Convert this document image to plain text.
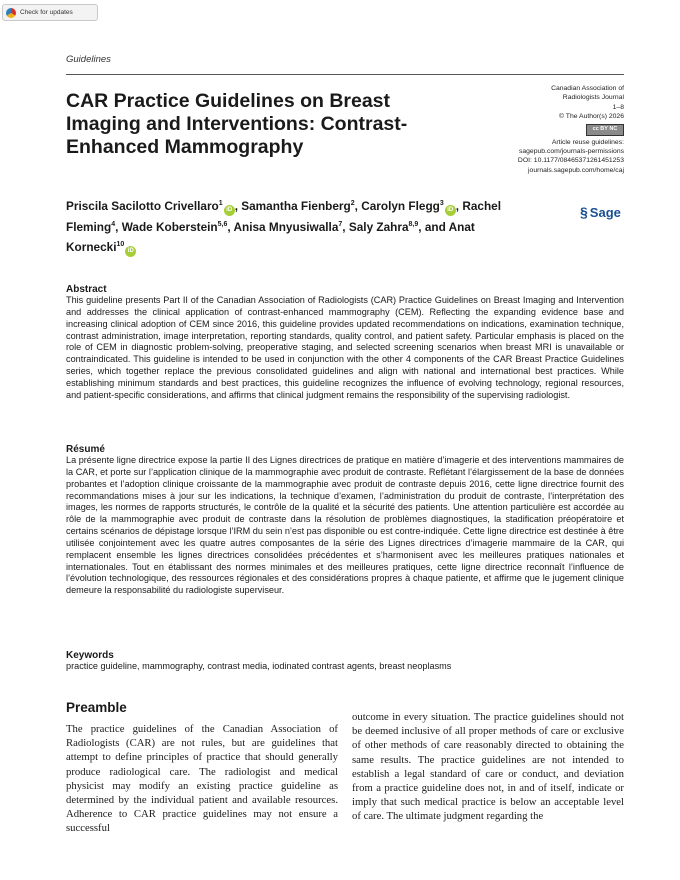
Check for updates
Guidelines
CAR Practice Guidelines on Breast Imaging and Interventions: Contrast-Enhanced Mammography
Canadian Association of
Radiologists Journal
1–8
© The Author(s) 2026
cc BY NC
Article reuse guidelines:
sagepub.com/journals-permissions
DOI: 10.1177/08465371261451253
journals.sagepub.com/home/caj
§ Sage
Priscila Sacilotto Crivellaro$^1$iD , Samantha Fienberg$^2$, Carolyn Flegg$^3$iD , Rachel Fleming$^4$, Wade Koberstein$^{5,6}$, Anisa Mnyusiwalla$^7$, Saly Zahra$^{8,9}$, and Anat Kornecki$^{10}$iD

Abstract

This guideline presents Part II of the Canadian Association of Radiologists (CAR) Practice Guidelines on Breast Imaging and Intervention and addresses the clinical application of contrast-enhanced mammography (CEM). Reflecting the expanding evidence base and increasing clinical adoption of CEM since 2016, this guideline provides updated recommendations on indications, examination technique, contrast administration, image interpretation, reporting standards, quality control, and patient safety. Particular emphasis is placed on the role of CEM in diagnostic problem-solving, preoperative staging, and selected screening scenarios when breast MRI is unavailable or contraindicated. This guideline is intended to be used in conjunction with the other 4 components of the CAR Breast Practice Guidelines series, which together replace the previous consolidated guidelines and align with national and international best practices. While establishing minimum standards and best practices, this guideline recognizes the influence of evolving technology, regional resources, and patient-specific considerations, and affirms that clinical judgment remains the responsibility of the supervising radiologist.

Résumé

La présente ligne directrice expose la partie II des Lignes directrices de pratique en matière d’imagerie et des interventions mammaires de la CAR, et porte sur l’application clinique de la mammographie avec produit de contraste. Reflétant l’élargissement de la base de données probantes et l’adoption clinique croissante de la mammographie avec produit de contraste depuis 2016, cette ligne directrice fournit des recommandations mises à jour sur les indications, la technique d’examen, l’administration du produit de contraste, l’interprétation des images, les normes de rapports structurés, le contrôle de la qualité et la sécurité des patients. Une attention particulière est accordée au rôle de la mammographie avec produit de contraste dans la résolution de problèmes diagnostiques, la stadification préopératoire et certains scénarios de dépistage lorsque l’IRM du sein n’est pas disponible ou est contre-indiquée. Cette ligne directrice est destinée à être utilisée conjointement avec les quatre autres composantes de la série des Lignes directrices d’imagerie mammaire de la CAR, qui remplacent ensemble les lignes directrices consolidées précédentes et s’harmonisent avec les meilleures pratiques nationales et internationales. Tout en établissant des normes minimales et des meilleures pratiques, cette ligne directrice reconnaît l’influence de l’évolution technologique, des ressources régionales et des considérations propres à chaque patiente, et affirme que le jugement clinique demeure la responsabilité du radiologiste superviseur.

Keywords

practice guideline, mammography, contrast media, iodinated contrast agents, breast neoplasms

Preamble

The practice guidelines of the Canadian Association of Radiologists (CAR) are not rules, but are guidelines that attempt to define principles of practice that should generally produce radiological care. The radiologist and medical physicist may modify an existing practice guideline as determined by the individual patient and available resources. Adherence to CAR practice guidelines may not ensure a successful

outcome in every situation. The practice guidelines should not be deemed inclusive of all proper methods of care or exclusive of other methods of care reasonably directed to obtaining the same results. The practice guidelines are not intended to establish a legal standard of care or conduct, and deviation from a practice guideline does not, in and of itself, indicate or imply that such medical practice is below an acceptable level of care. The ultimate judgment regarding the
